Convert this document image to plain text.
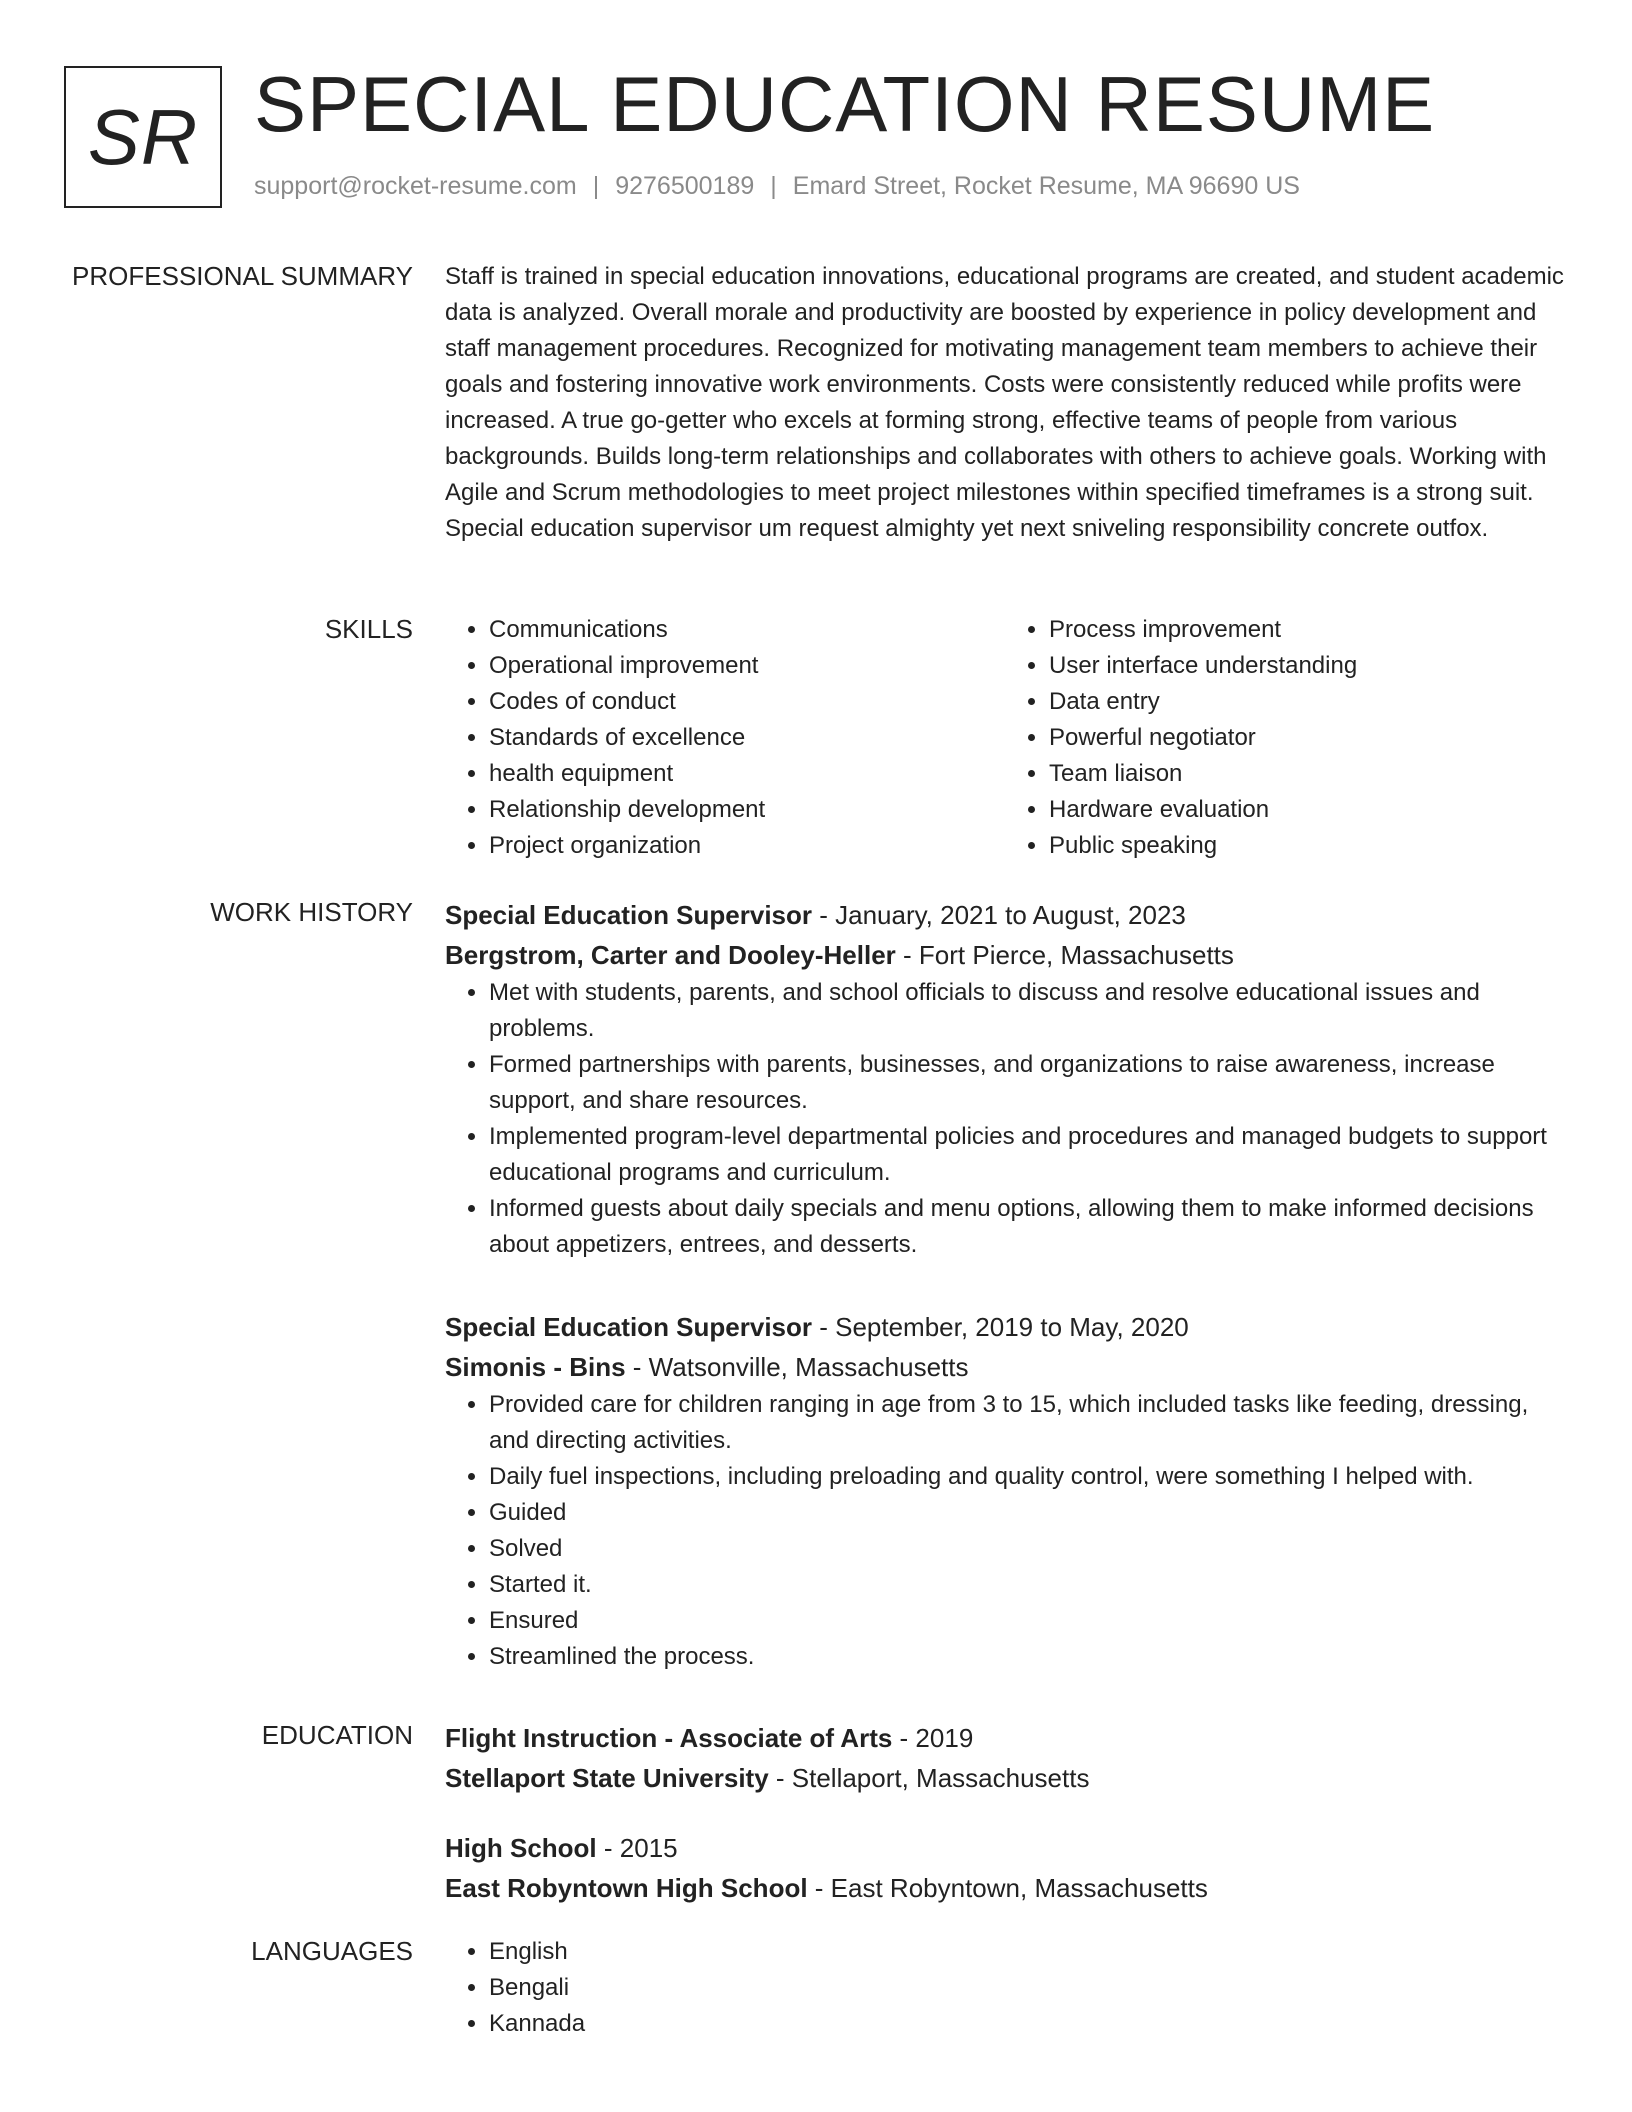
SR SPECIAL EDUCATION RESUME
support@rocket-resume.com | 9276500189 | Emard Street, Rocket Resume, MA 96690 US
PROFESSIONAL SUMMARY Staff is trained in special education innovations, educational programs are created, and student academic data is analyzed. Overall morale and productivity are boosted by experience in policy development and staff management procedures. Recognized for motivating management team members to achieve their goals and fostering innovative work environments. Costs were consistently reduced while profits were increased. A true go-getter who excels at forming strong, effective teams of people from various backgrounds. Builds long-term relationships and collaborates with others to achieve goals. Working with Agile and Scrum methodologies to meet project milestones within specified timeframes is a strong suit. Special education supervisor um request almighty yet next sniveling responsibility concrete outfox.

SKILLS	• Communications
• Operational improvement
• Codes of conduct
• Standards of excellence
• health equipment
• Relationship development
• Project organization
• Process improvement
• User interface understanding
• Data entry
• Powerful negotiator
• Team liaison
• Hardware evaluation
• Public speaking
WORK HISTORY Special Education Supervisor - January, 2021 to August, 2023
Bergstrom, Carter and Dooley-Heller - Fort Pierce, Massachusetts
• Met with students, parents, and school officials to discuss and resolve educational issues and problems.
• Formed partnerships with parents, businesses, and organizations to raise awareness, increase support, and share resources.
• Implemented program-level departmental policies and procedures and managed budgets to support educational programs and curriculum.
• Informed guests about daily specials and menu options, allowing them to make informed decisions about appetizers, entrees, and desserts.
Special Education Supervisor - September, 2019 to May, 2020
Simonis - Bins - Watsonville, Massachusetts
• Provided care for children ranging in age from 3 to 15, which included tasks like feeding, dressing, and directing activities.
• Daily fuel inspections, including preloading and quality control, were something I helped with.
• Guided
• Solved
• Started it.
• Ensured
• Streamlined the process.
EDUCATION Flight Instruction - Associate of Arts - 2019
Stellaport State University - Stellaport, Massachusetts
High School - 2015
East Robyntown High School - East Robyntown, Massachusetts
LANGUAGES	• English
• Bengali
• Kannada
